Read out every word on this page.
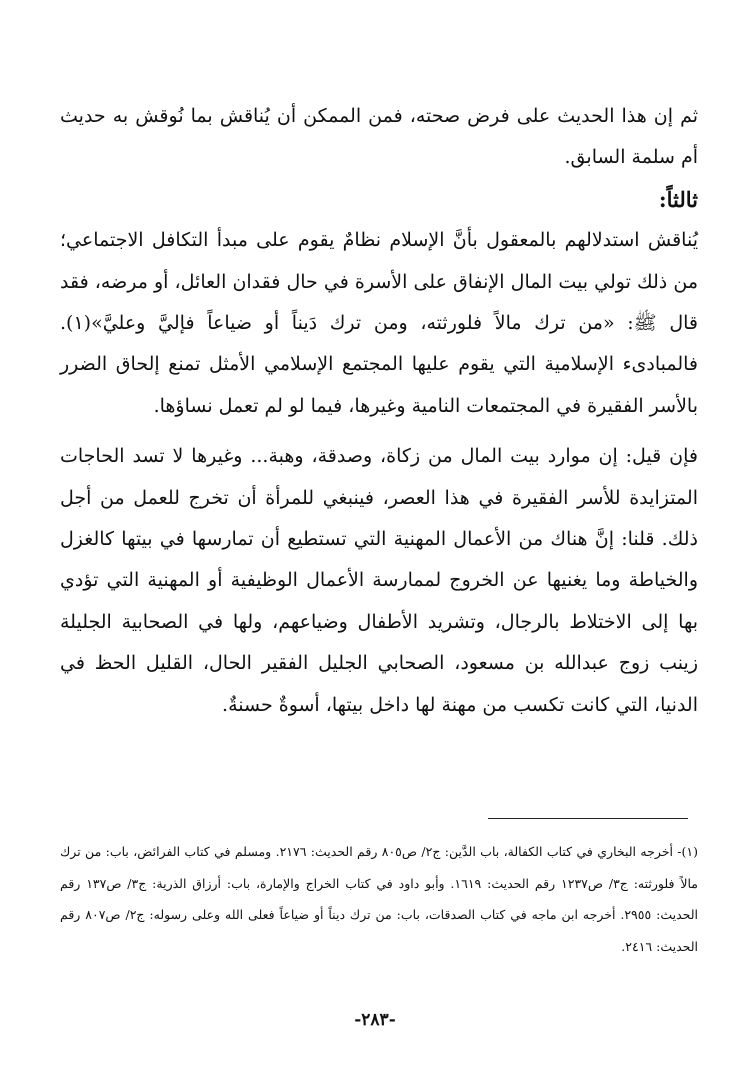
ثم إن هذا الحديث على فرض صحته، فمن الممكن أن يُناقش بما نُوقش به حديث أم سلمة السابق.

ثالثاً:

يُناقش استدلالهم بالمعقول بأنَّ الإسلام نظامٌ يقوم على مبدأ التكافل الاجتماعي؛ من ذلك تولي بيت المال الإنفاق على الأسرة في حال فقدان العائل، أو مرضه، فقد قال ﷺ: «من ترك مالاً فلورثته، ومن ترك دَيناً أو ضياعاً فإليَّ وعليَّ»(١). فالمبادىء الإسلامية التي يقوم عليها المجتمع الإسلامي الأمثل تمنع إلحاق الضرر بالأسر الفقيرة في المجتمعات النامية وغيرها، فيما لو لم تعمل نساؤها.

فإن قيل: إن موارد بيت المال من زكاة، وصدقة، وهبة... وغيرها لا تسد الحاجات المتزايدة للأسر الفقيرة في هذا العصر، فينبغي للمرأة أن تخرج للعمل من أجل ذلك. قلنا: إنَّ هناك من الأعمال المهنية التي تستطيع أن تمارسها في بيتها كالغزل والخياطة وما يغنيها عن الخروج لممارسة الأعمال الوظيفية أو المهنية التي تؤدي بها إلى الاختلاط بالرجال، وتشريد الأطفال وضياعهم، ولها في الصحابية الجليلة زينب زوج عبدالله بن مسعود، الصحابي الجليل الفقير الحال، القليل الحظ في الدنيا، التي كانت تكسب من مهنة لها داخل بيتها، أسوةٌ حسنةٌ.

(١)- أخرجه البخاري في كتاب الكفالة، باب الدَّين: ج٢/ ص٨٠٥ رقم الحديث: ٢١٧٦. ومسلم في كتاب الفرائض، باب: من ترك مالاً فلورثته: ج٣/ ص١٢٣٧ رقم الحديث: ١٦١٩. وأبو داود في كتاب الخراج والإمارة، باب: أرزاق الذرية: ج٣/ ص١٣٧ رقم الحديث: ٢٩٥٥. أخرجه ابن ماجه في كتاب الصدقات، باب: من ترك ديناً أو ضياعاً فعلى الله وعلى رسوله: ج٢/ ص٨٠٧ رقم الحديث: ٢٤١٦.

-٢٨٣-
